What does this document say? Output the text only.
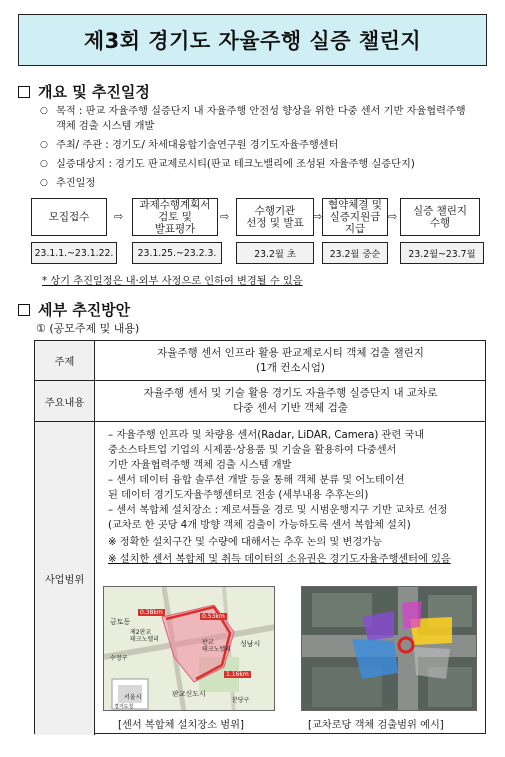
제3회 경기도 자율주행 실증 챌린지
개요 및 추진일정
○ 목적 : 판교 자율주행 실증단지 내 자율주행 안전성 향상을 위한 다중 센서 기반 자율협력주행
객체 검출 시스템 개발
○ 주최/ 주관 : 경기도/ 차세대융합기술연구원 경기도자율주행센터
○ 실증대상지 : 경기도 판교제로시티(판교 테크노밸리에 조성된 자율주행 실증단지)
○ 추진일정
모집접수
과제수행계획서
검토 및
발표평가
수행기관
선정 및 발표
협약체결 및
실증지원금
지급
실증 챌린지
수행
⇨	⇨	⇨	⇨
23.1.1.~23.1.22.	23.1.25.~23.2.3.	23.2월 초	23.2월 중순	23.2월~23.7월
* 상기 추진일정은 내·외부 사정으로 인하여 변경될 수 있음
세부 추진방안
① (공모주제 및 내용)
주제
자율주행 센서 인프라 활용 판교제로시티 객체 검출 챌린지
(1개 컨소시엄)
주요내용
자율주행 센서 및 기술 활용 경기도 자율주행 실증단지 내 교차로
다중 센서 기반 객체 검출
사업범위
– 자율주행 인프라 및 차량용 센서(Radar, LiDAR, Camera) 관련 국내
중소스타트업 기업의 시제품·상용품 및 기술을 활용하여 다중센서
기반 자율협력주행 객체 검출 시스템 개발
– 센서 데이터 융합 솔루션 개발 등을 통해 객체 분류 및 어노테이션
된 데이터 경기도자율주행센터로 전송 (세부내용 추후논의)
– 센서 복합체 설치장소 : 제로셔틀을 경로 및 시범운행지구 기반 교차로 선정
(교차로 한 곳당 4개 방향 객체 검출이 가능하도록 센서 복합체 설치)
※ 정확한 설치구간 및 수량에 대해서는 추후 논의 및 변경가능
※ 설치한 센서 복합체 및 취득 데이터의 소유권은 경기도자율주행센터에 있음
금토동
제2판교
테크노밸리	판교
테크노밸리
판교신도시
성남시
서울시
경기도청
분당구
수정구
0.38km
0.53km
1.16km
[센서 복합체 설치장소 범위]	[교차로당 객체 검출범위 예시]
